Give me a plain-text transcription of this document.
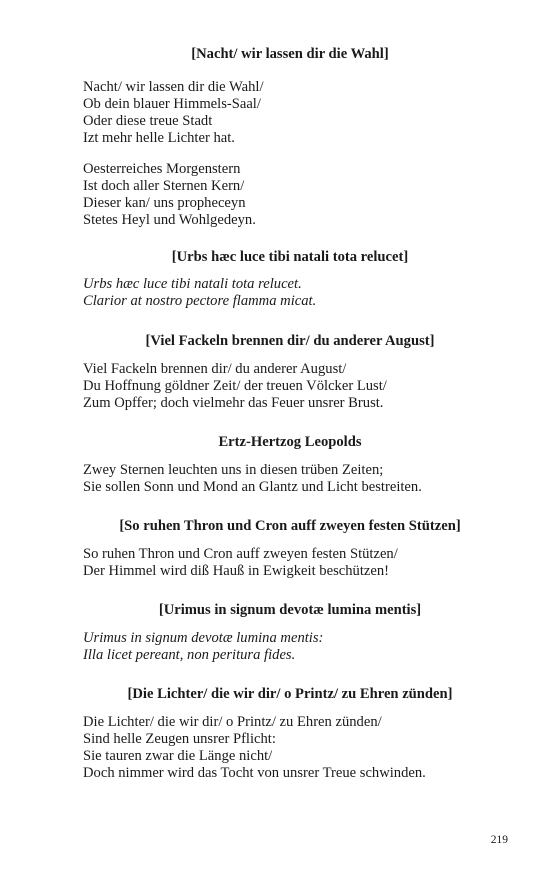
[Nacht/ wir lassen dir die Wahl]
Nacht/ wir lassen dir die Wahl/
Ob dein blauer Himmels-Saal/
Oder diese treue Stadt
Izt mehr helle Lichter hat.
Oesterreiches Morgenstern
Ist doch aller Sternen Kern/
Dieser kan/ uns propheceyn
Stetes Heyl und Wohlgedeyn.
[Urbs hæc luce tibi natali tota relucet]
Urbs hæc luce tibi natali tota relucet.
Clarior at nostro pectore flamma micat.
[Viel Fackeln brennen dir/ du anderer August]
Viel Fackeln brennen dir/ du anderer August/
Du Hoffnung göldner Zeit/ der treuen Völcker Lust/
Zum Opffer; doch vielmehr das Feuer unsrer Brust.
Ertz-Hertzog Leopolds
Zwey Sternen leuchten uns in diesen trüben Zeiten;
Sie sollen Sonn und Mond an Glantz und Licht bestreiten.
[So ruhen Thron und Cron auff zweyen festen Stützen]
So ruhen Thron und Cron auff zweyen festen Stützen/
Der Himmel wird diß Hauß in Ewigkeit beschützen!
[Urimus in signum devotæ lumina mentis]
Urimus in signum devotæ lumina mentis:
Illa licet pereant, non peritura fides.
[Die Lichter/ die wir dir/ o Printz/ zu Ehren zünden]
Die Lichter/ die wir dir/ o Printz/ zu Ehren zünden/
Sind helle Zeugen unsrer Pflicht:
Sie tauren zwar die Länge nicht/
Doch nimmer wird das Tocht von unsrer Treue schwinden.
219
